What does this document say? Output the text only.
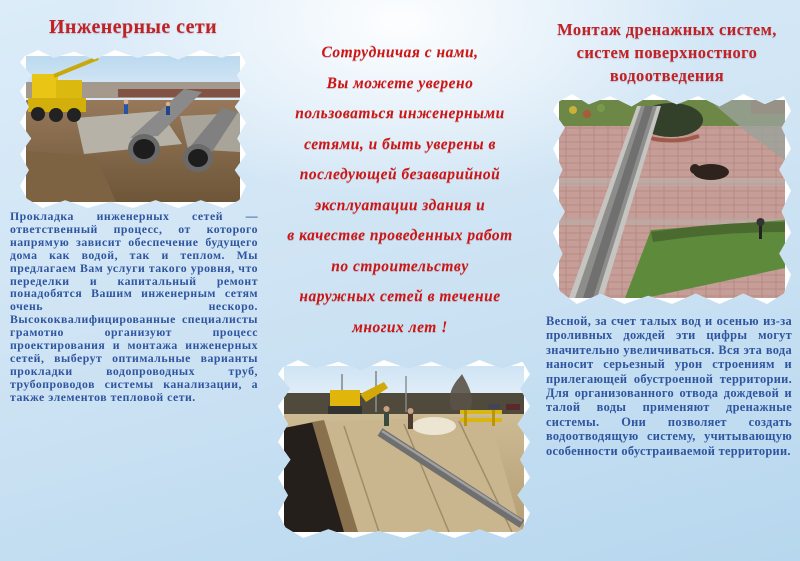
Инженерные сети
Прокладка инженерных сетей — ответственный процесс, от которого напрямую зависит обеспечение будущего дома как водой, так и теплом. Мы предлагаем Вам услуги такого уровня, что переделки и капитальный ремонт понадобятся Вашим инженерным сетям очень нескоро. Высококвалифицированные специалисты грамотно организуют процесс проектирования и монтажа инженерных сетей, выберут оптимальные варианты прокладки водопроводных труб, трубопроводов системы канализации, а также элементов тепловой сети.
Сотрудничая с нами,
Вы можете уверено
пользоваться инженерными
сетями, и быть уверены в
последующей безаварийной
эксплуатации здания и
в качестве проведенных работ
по строительству
наружных сетей в течение
многих лет !
Монтаж дренажных систем,
систем поверхностного
водоотведения
Весной, за счет талых вод и осенью из-за проливных дождей эти цифры могут значительно увеличиваться. Вся эта вода наносит серьезный урон строениям и прилегающей обустроенной территории. Для организованного отвода дождевой и талой воды применяют дренажные системы. Они позволяет создать водоотводящую систему, учитывающую особенности обустраиваемой территории.
